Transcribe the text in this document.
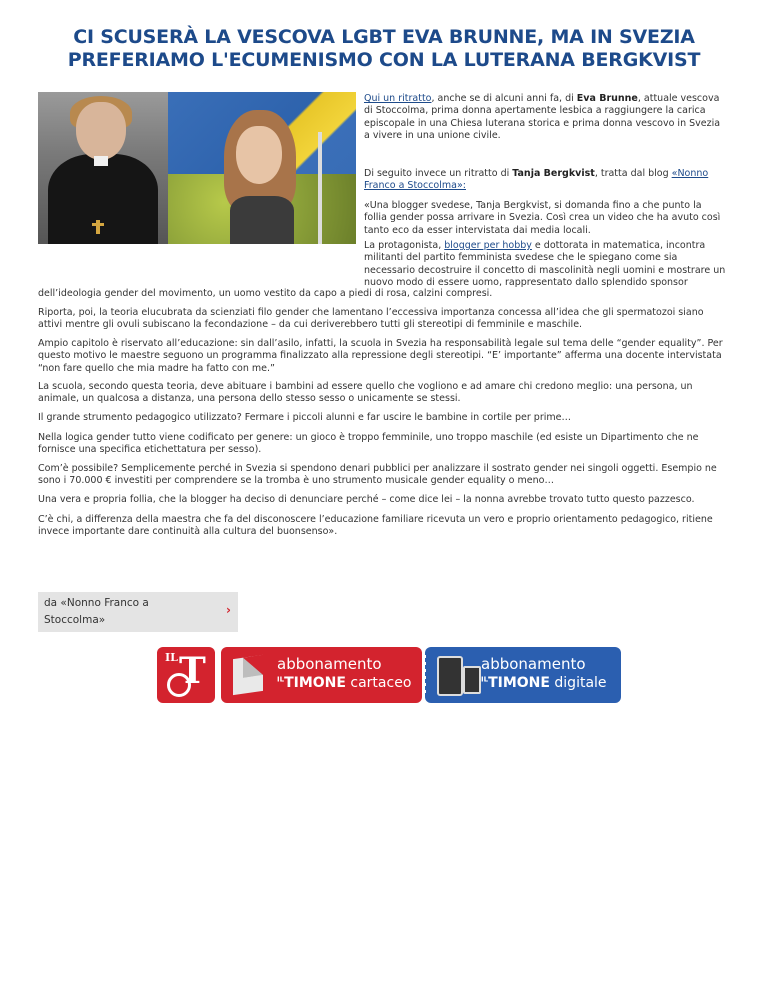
CI SCUSERÀ LA VESCOVA LGBT EVA BRUNNE, MA IN SVEZIA PREFERIAMO L'ECUMENISMO CON LA LUTERANA BERGKVIST

Qui un ritratto, anche se di alcuni anni fa, di Eva Brunne, attuale vescova di Stoccolma, prima donna apertamente lesbica a raggiungere la carica episcopale in una Chiesa luterana storica e prima donna vescovo in Svezia a vivere in una unione civile.

Di seguito invece un ritratto di Tanja Bergkvist, tratta dal blog «Nonno Franco a Stoccolma»:

«Una blogger svedese, Tanja Bergkvist, si domanda fino a che punto la follia gender possa arrivare in Svezia. Così crea un video che ha avuto così tanto eco da esser intervistata dai media locali.

La protagonista, blogger per hobby e dottorata in matematica, incontra militanti del partito femminista svedese che le spiegano come sia necessario decostruire il concetto di mascolinità negli uomini e mostrare un nuovo modo di essere uomo, rappresentato dallo splendido sponsor

dell’ideologia gender del movimento, un uomo vestito da capo a piedi di rosa, calzini compresi.

Riporta, poi, la teoria elucubrata da scienziati filo gender che lamentano l’eccessiva importanza concessa all’idea che gli spermatozoi siano attivi mentre gli ovuli subiscano la fecondazione – da cui deriverebbero tutti gli stereotipi di femminile e maschile.

Ampio capitolo è riservato all’educazione: sin dall’asilo, infatti, la scuola in Svezia ha responsabilità legale sul tema delle “gender equality”. Per questo motivo le maestre seguono un programma finalizzato alla repressione degli stereotipi. “E’ importante” afferma una docente intervistata “non fare quello che mia madre ha fatto con me.”

La scuola, secondo questa teoria, deve abituare i bambini ad essere quello che vogliono e ad amare chi credono meglio: una persona, un animale, un qualcosa a distanza, una persona dello stesso sesso o unicamente se stessi.

Il grande strumento pedagogico utilizzato? Fermare i piccoli alunni e far uscire le bambine in cortile per prime…

Nella logica gender tutto viene codificato per genere: un gioco è troppo femminile, uno troppo maschile (ed esiste un Dipartimento che ne fornisce una specifica etichettatura per sesso).

Com’è possibile? Semplicemente perché in Svezia si spendono denari pubblici per analizzare il sostrato gender nei singoli oggetti. Esempio ne sono i 70.000 € investiti per comprendere se la tromba è uno strumento musicale gender equality o meno…

Una vera e propria follia, che la blogger ha deciso di denunciare perché – come dice lei – la nonna avrebbe trovato tutto questo pazzesco.

C’è chi, a differenza della maestra che fa del disconoscere l’educazione familiare ricevuta un vero e proprio orientamento pedagogico, ritiene invece importante dare continuità alla cultura del buonsenso».

da «Nonno Franco a Stoccolma»
›
IL T	abbonamento
$^{IL}$TIMONE cartaceo
abbonamento
$^{IL}$TIMONE digitale
